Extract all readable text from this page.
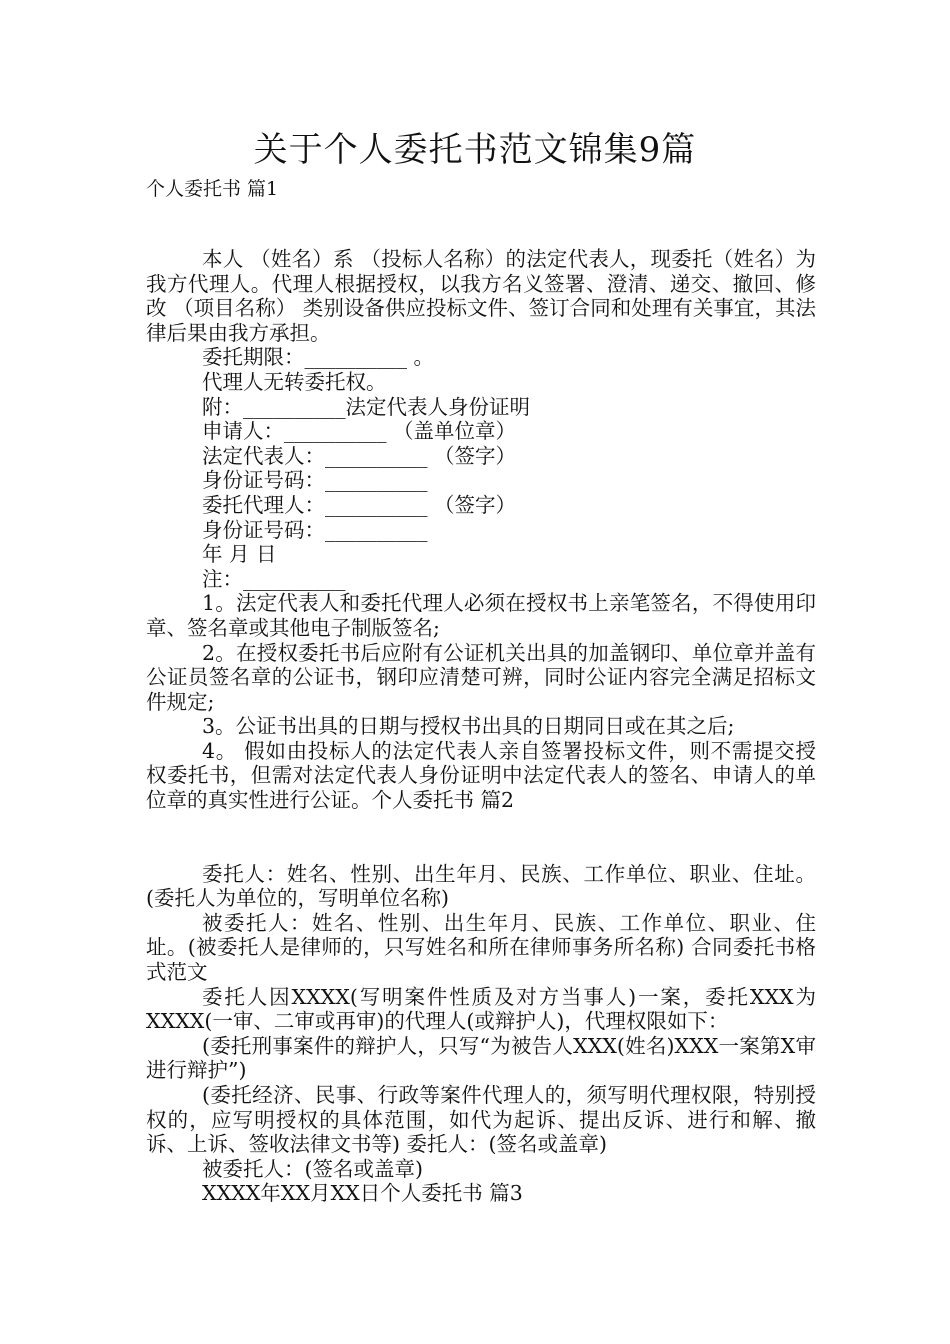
关于个人委托书范文锦集9篇
个人委托书 篇1

本人 （姓名）系 （投标人名称）的法定代表人，现委托（姓名）为我方代理人。代理人根据授权，以我方名义签署、澄清、递交、撤回、修改 （项目名称） 类别设备供应投标文件、签订合同和处理有关事宜，其法律后果由我方承担。

委托期限：__________ 。

代理人无转委托权。

附：__________法定代表人身份证明

申请人：__________ （盖单位章）

法定代表人：__________ （签字）

身份证号码：__________

委托代理人：__________ （签字）

身份证号码：__________

年 月 日

注：__________

1。法定代表人和委托代理人必须在授权书上亲笔签名，不得使用印章、签名章或其他电子制版签名;

2。在授权委托书后应附有公证机关出具的加盖钢印、单位章并盖有公证员签名章的公证书，钢印应清楚可辨，同时公证内容完全满足招标文件规定;

3。公证书出具的日期与授权书出具的日期同日或在其之后;

4。 假如由投标人的法定代表人亲自签署投标文件，则不需提交授权委托书，但需对法定代表人身份证明中法定代表人的签名、申请人的单位章的真实性进行公证。个人委托书 篇2

委托人：姓名、性别、出生年月、民族、工作单位、职业、住址。(委托人为单位的，写明单位名称)

被委托人：姓名、性别、出生年月、民族、工作单位、职业、住址。(被委托人是律师的，只写姓名和所在律师事务所名称) 合同委托书格式范文

委托人因XXXX(写明案件性质及对方当事人)一案，委托XXX为XXXX(一审、二审或再审)的代理人(或辩护人)，代理权限如下：

(委托刑事案件的辩护人，只写“为被告人XXX(姓名)XXX一案第X审进行辩护”)

(委托经济、民事、行政等案件代理人的，须写明代理权限，特别授权的，应写明授权的具体范围，如代为起诉、提出反诉、进行和解、撤诉、上诉、签收法律文书等) 委托人：(签名或盖章)

被委托人：(签名或盖章)

XXXX年XX月XX日个人委托书 篇3
